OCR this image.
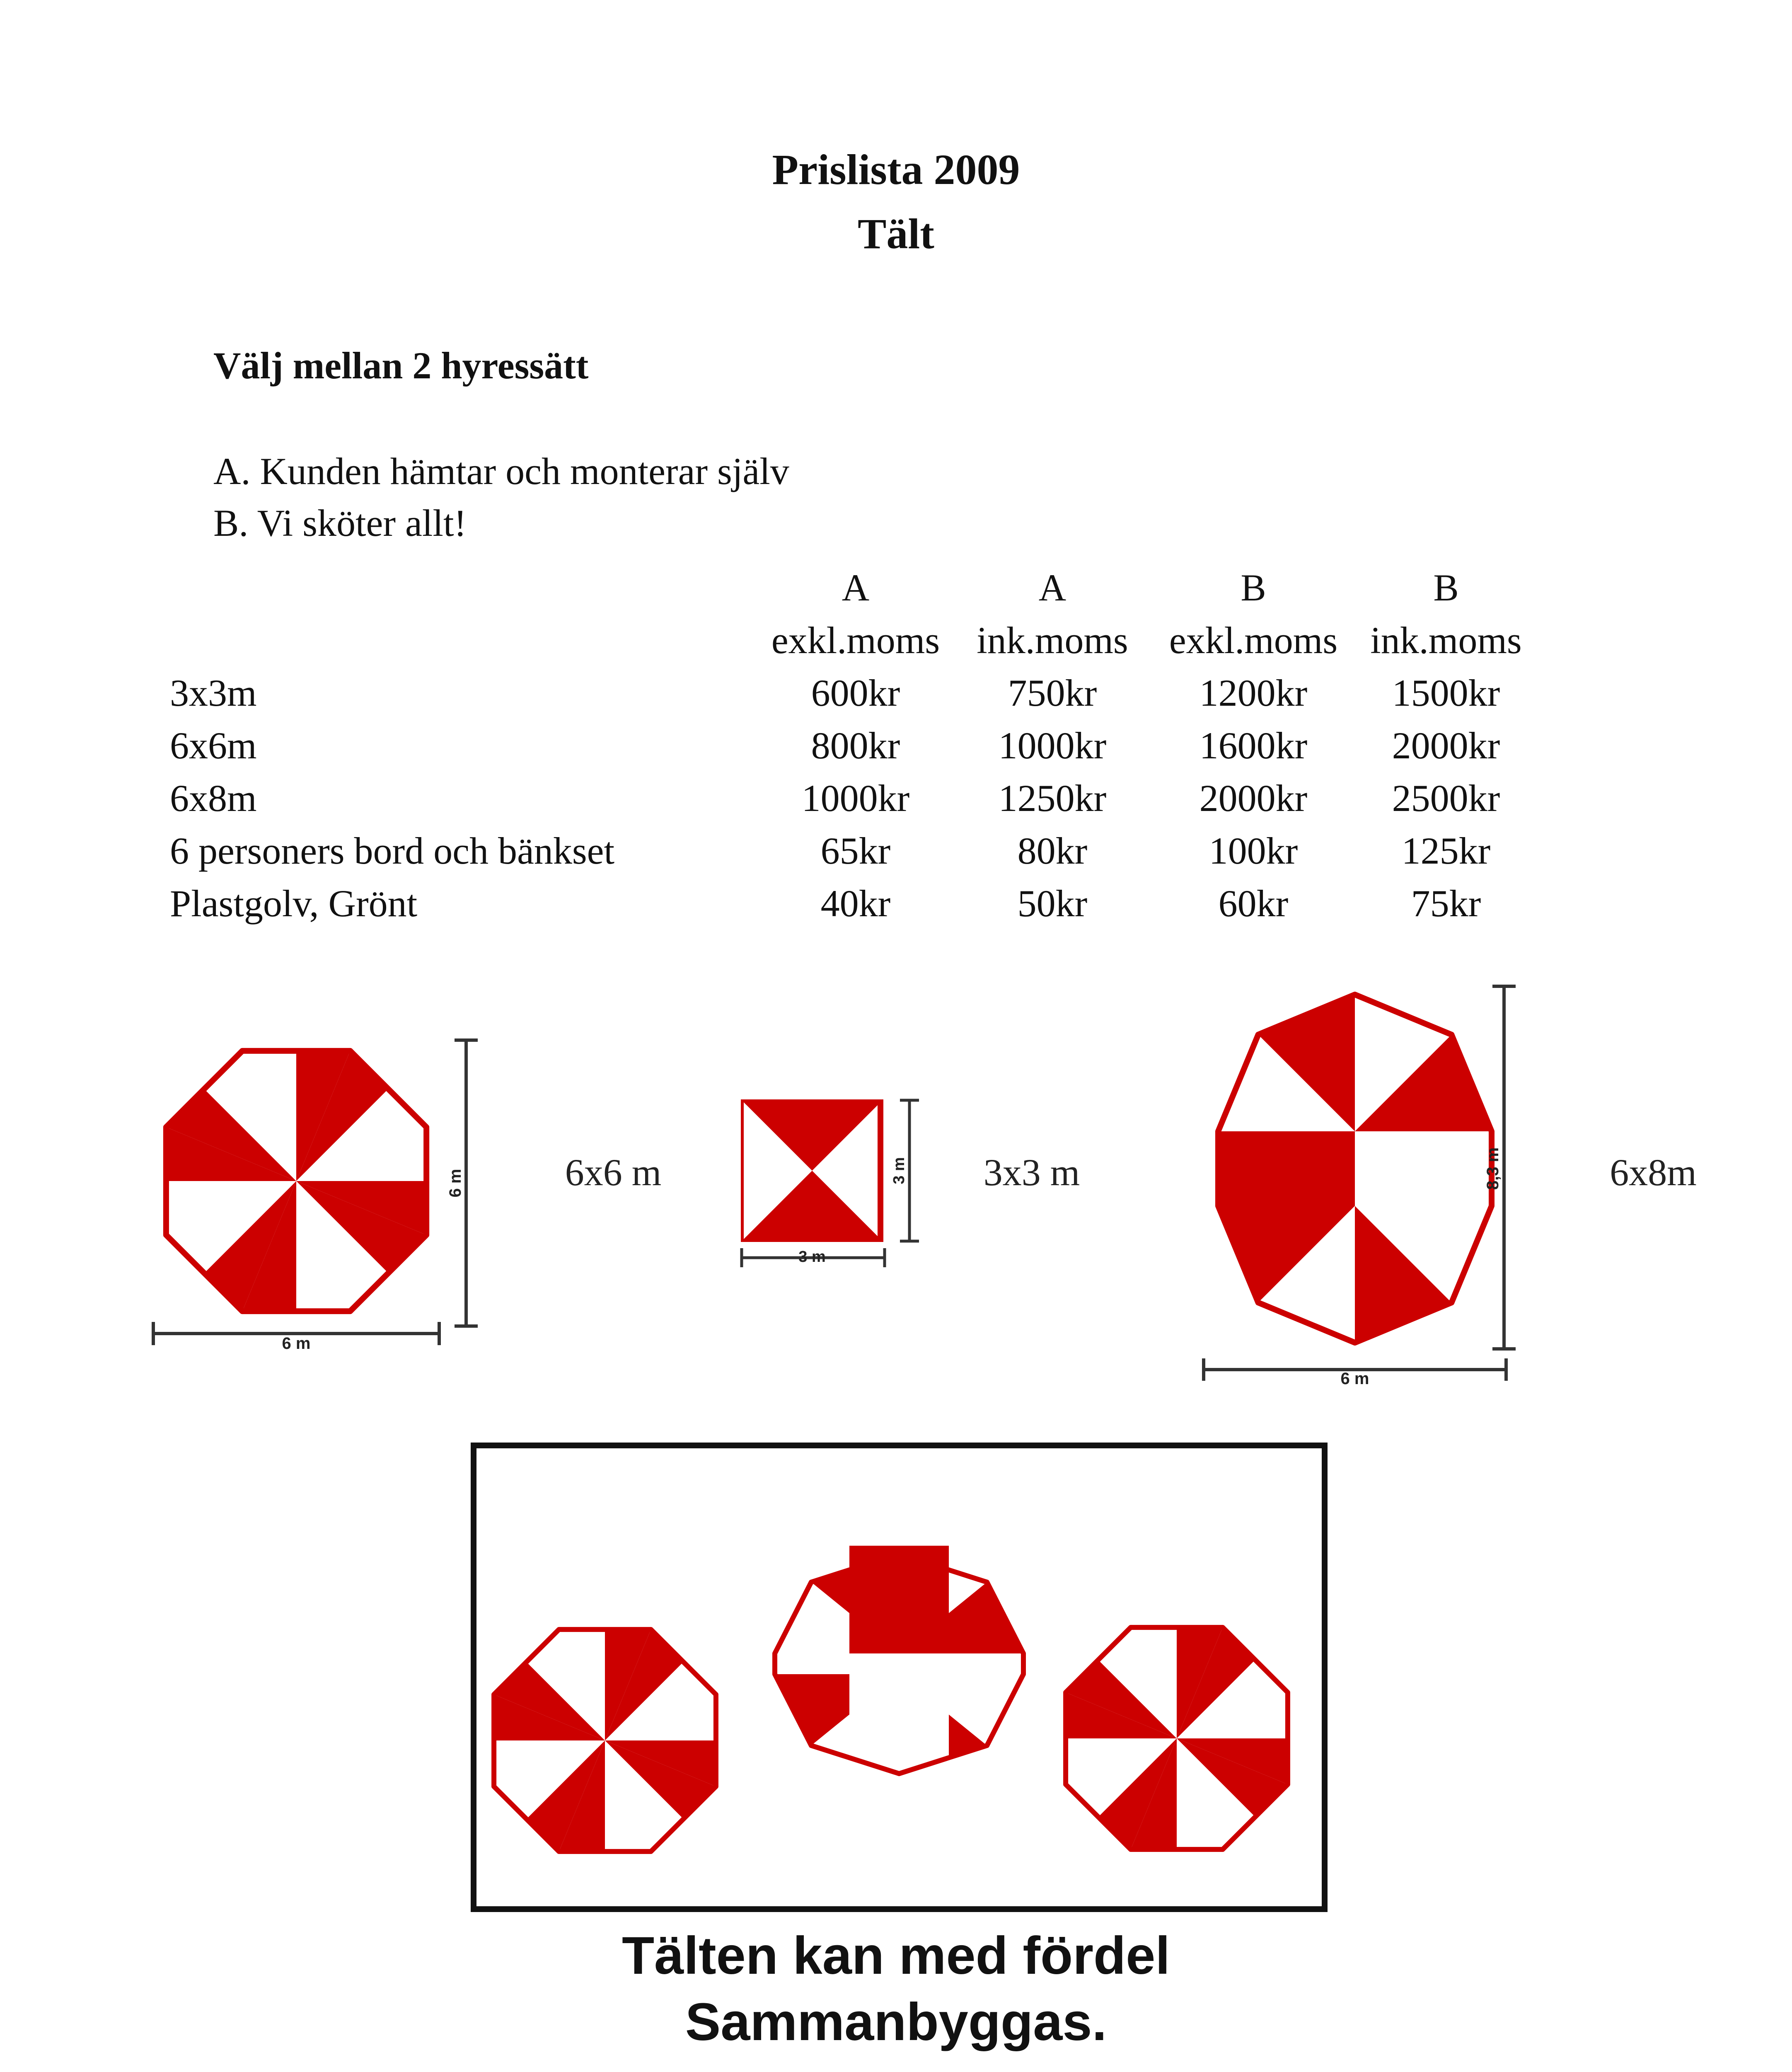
Prislista 2009
Tält
Välj mellan 2 hyressätt
A. Kunden hämtar och monterar själv
B. Vi sköter allt!
	A	A	B	B
	exkl.moms	ink.moms	exkl.moms	ink.moms
3x3m	600kr	750kr	1200kr	1500kr
6x6m	800kr	1000kr	1600kr	2000kr
6x8m	1000kr	1250kr	2000kr	2500kr
6 personers bord och bänkset	65kr	80kr	100kr	125kr
Plastgolv, Grönt	40kr	50kr	60kr	75kr
6 m
6 m	6x6 m
3 m
3 m 3x3 m
6 m
8,3 m	6x8m
Tälten kan med fördel
Sammanbyggas.
